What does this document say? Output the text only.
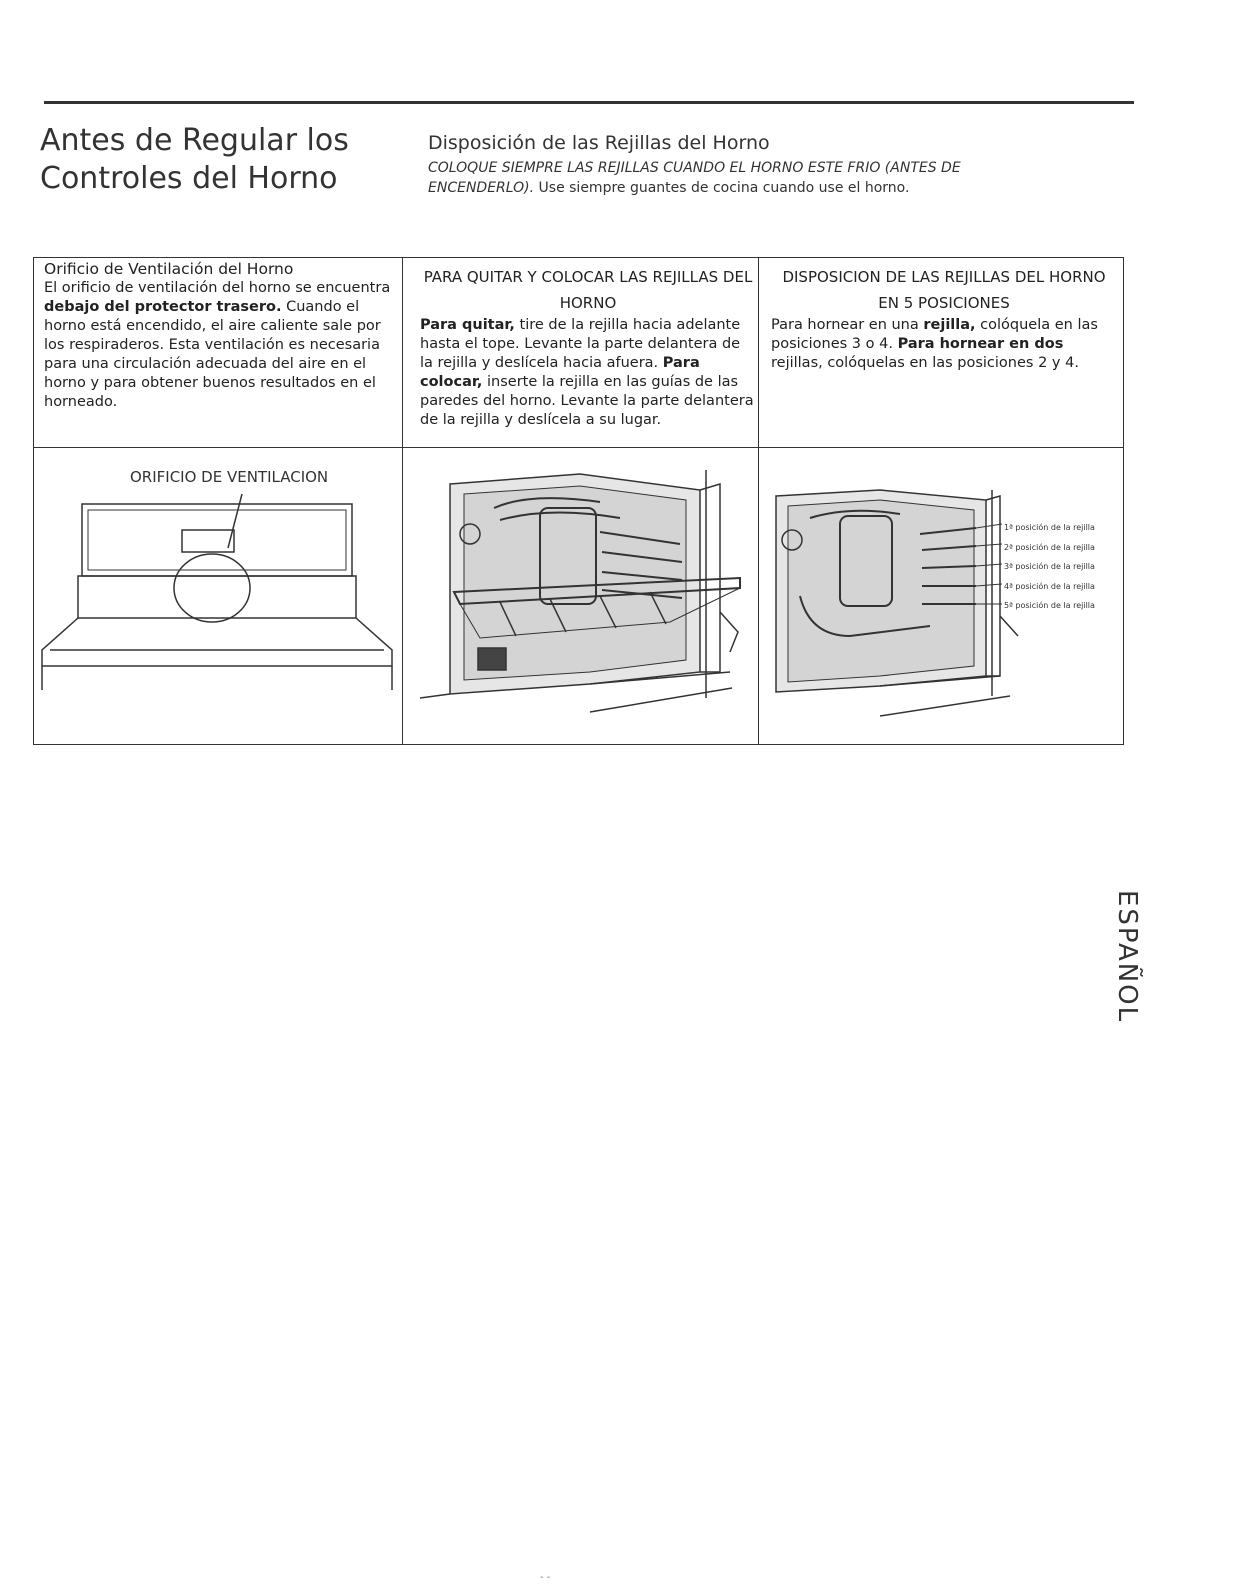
Antes de Regular los
Controles del Horno
Disposición de las Rejillas del Horno
COLOQUE SIEMPRE LAS REJILLAS CUANDO EL HORNO ESTE FRIO (ANTES DE ENCENDERLO). Use siempre guantes de cocina cuando use el horno.
Orificio de Ventilación del Horno
El orificio de ventilación del horno se encuentra debajo del protector trasero. Cuando el horno está encendido, el aire caliente sale por los respiraderos. Esta ventilación es necesaria para una circulación adecuada del aire en el horno y para obtener buenos resultados en el horneado.
PARA QUITAR Y COLOCAR LAS REJILLAS DEL HORNO
Para quitar, tire de la rejilla hacia adelante hasta el tope. Levante la parte delantera de la rejilla y deslícela hacia afuera. Para colocar, inserte la rejilla en las guías de las paredes del horno. Levante la parte delantera de la rejilla y deslícela a su lugar.
DISPOSICION DE LAS REJILLAS DEL HORNO EN 5 POSICIONES
Para hornear en una rejilla, colóquela en las posiciones 3 o 4. Para hornear en dos rejillas, colóquelas en las posiciones 2 y 4.
ORIFICIO DE VENTILACION
1ª posición de la rejilla
2ª posición de la rejilla
3ª posición de la rejilla
4ª posición de la rejilla
5ª posición de la rejilla
ESPAÑOL
- -
